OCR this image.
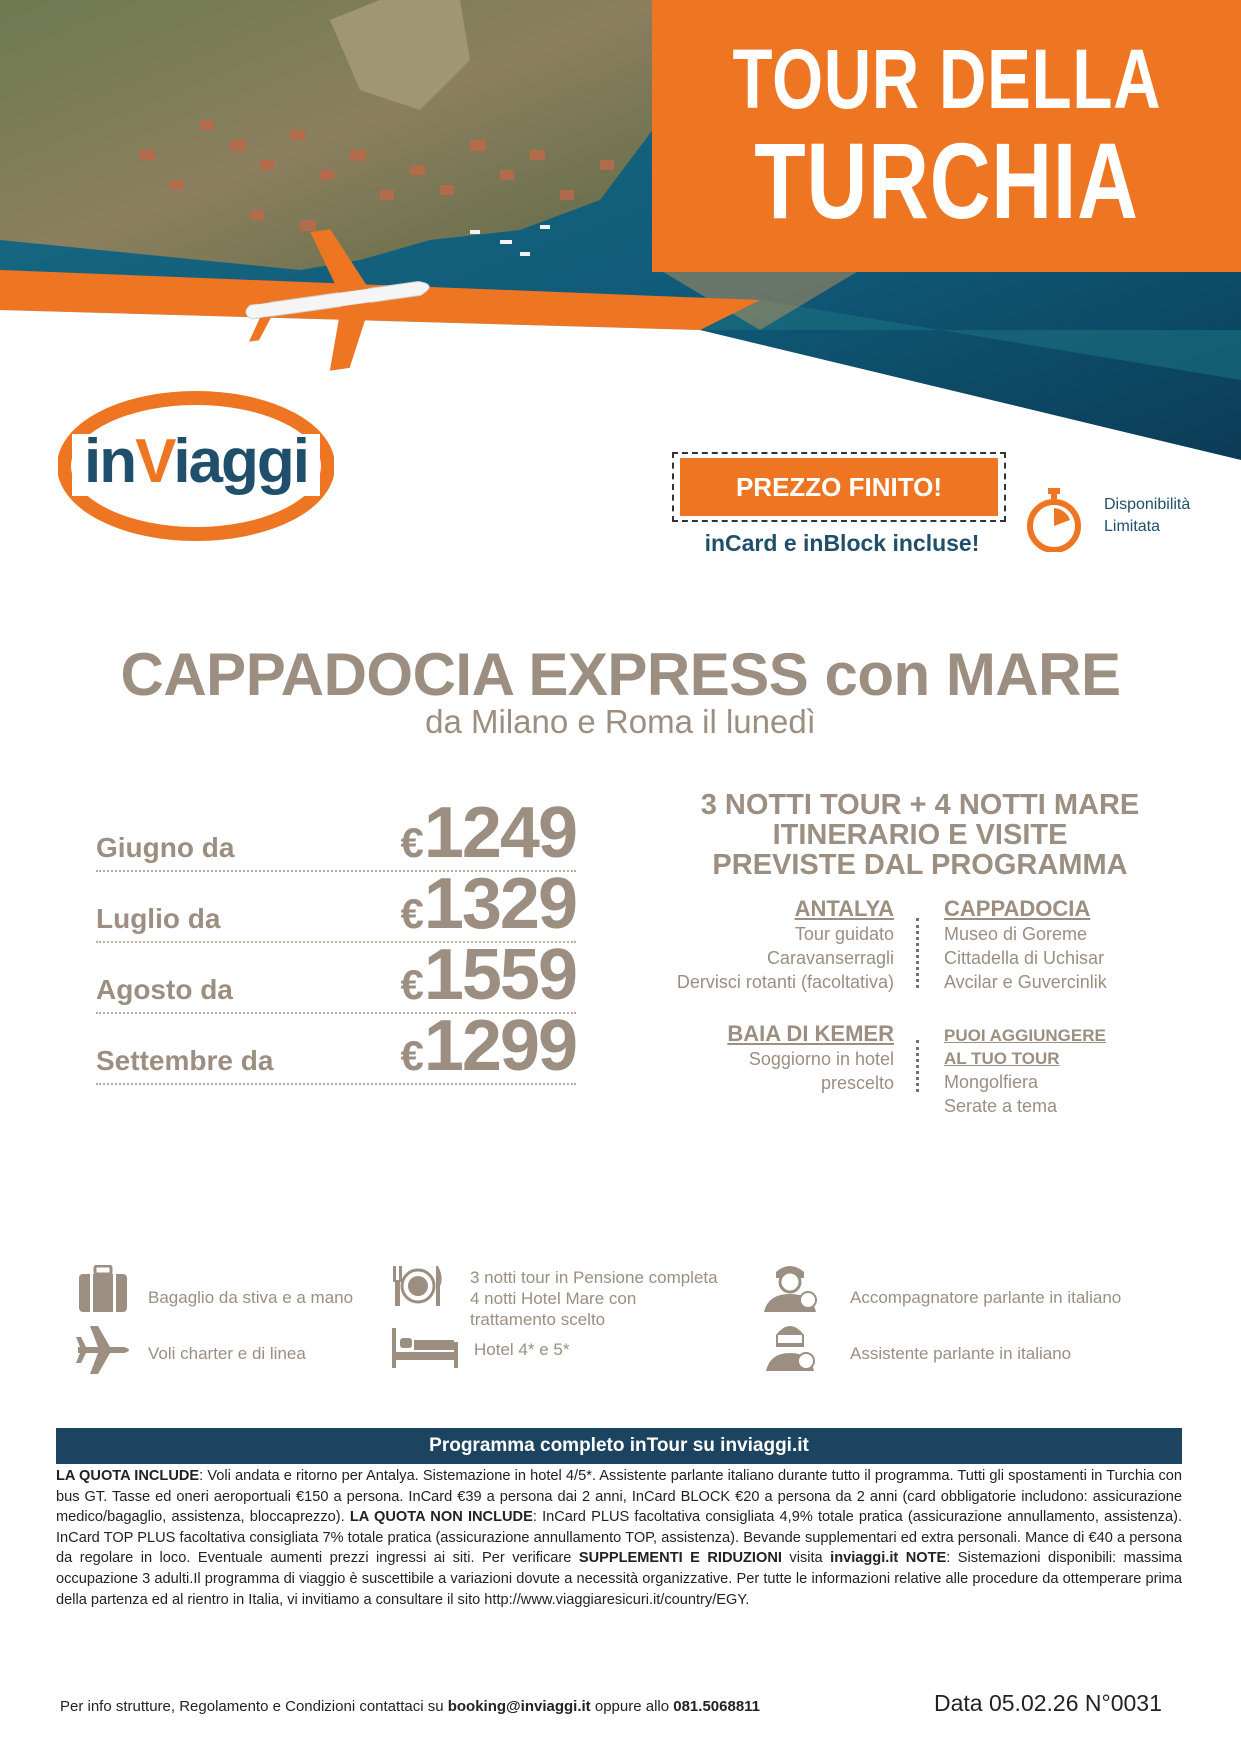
TOUR DELLA
TURCHIA
inViaggi	PREZZO FINITO!
inCard e inBlock incluse!
Disponibilità
Limitata
CAPPADOCIA EXPRESS con MARE
da Milano e Roma il lunedì
Giugno da	€1249
Luglio da	€1329
Agosto da	€1559
Settembre da	€1299
3 NOTTI TOUR + 4 NOTTI MARE
ITINERARIO E VISITE
PREVISTE DAL PROGRAMMA
ANTALYA
Tour guidato
Caravanserragli
Dervisci rotanti (facoltativa)
CAPPADOCIA
Museo di Goreme
Cittadella di Uchisar
Avcilar e Guvercinlik
BAIA DI KEMER
Soggiorno in hotel
prescelto
PUOI AGGIUNGERE
AL TUO TOUR
Mongolfiera
Serate a tema
Bagaglio da stiva e a mano
Voli charter e di linea
3 notti tour in Pensione completa
4 notti Hotel Mare con
trattamento scelto
Hotel 4* e 5*
Accompagnatore parlante in italiano
Assistente parlante in italiano
Programma completo inTour su inviaggi.it
LA QUOTA INCLUDE: Voli andata e ritorno per Antalya. Sistemazione in hotel 4/5*. Assistente parlante italiano durante tutto il programma. Tutti gli spostamenti in Turchia con bus GT. Tasse ed oneri aeroportuali €150 a persona. InCard €39 a persona dai 2 anni, InCard BLOCK €20 a persona da 2 anni (card obbligatorie includono: assicurazione medico/bagaglio, assistenza, bloccaprezzo). LA QUOTA NON INCLUDE: InCard PLUS facoltativa consigliata 4,9% totale pratica (assicurazione annullamento, assistenza). InCard TOP PLUS facoltativa consigliata 7% totale pratica (assicurazione annullamento TOP, assistenza). Bevande supplementari ed extra personali. Mance di €40 a persona da regolare in loco. Eventuale aumenti prezzi ingressi ai siti. Per verificare SUPPLEMENTI E RIDUZIONI visita inviaggi.it NOTE: Sistemazioni disponibili: massima occupazione 3 adulti.Il programma di viaggio è suscettibile a variazioni dovute a necessità organizzative. Per tutte le informazioni relative alle procedure da ottemperare prima della partenza ed al rientro in Italia, vi invitiamo a consultare il sito http://www.viaggiaresicuri.it/country/EGY.
Per info strutture, Regolamento e Condizioni contattaci su booking@inviaggi.it oppure allo 081.5068811	Data 05.02.26 N°0031
